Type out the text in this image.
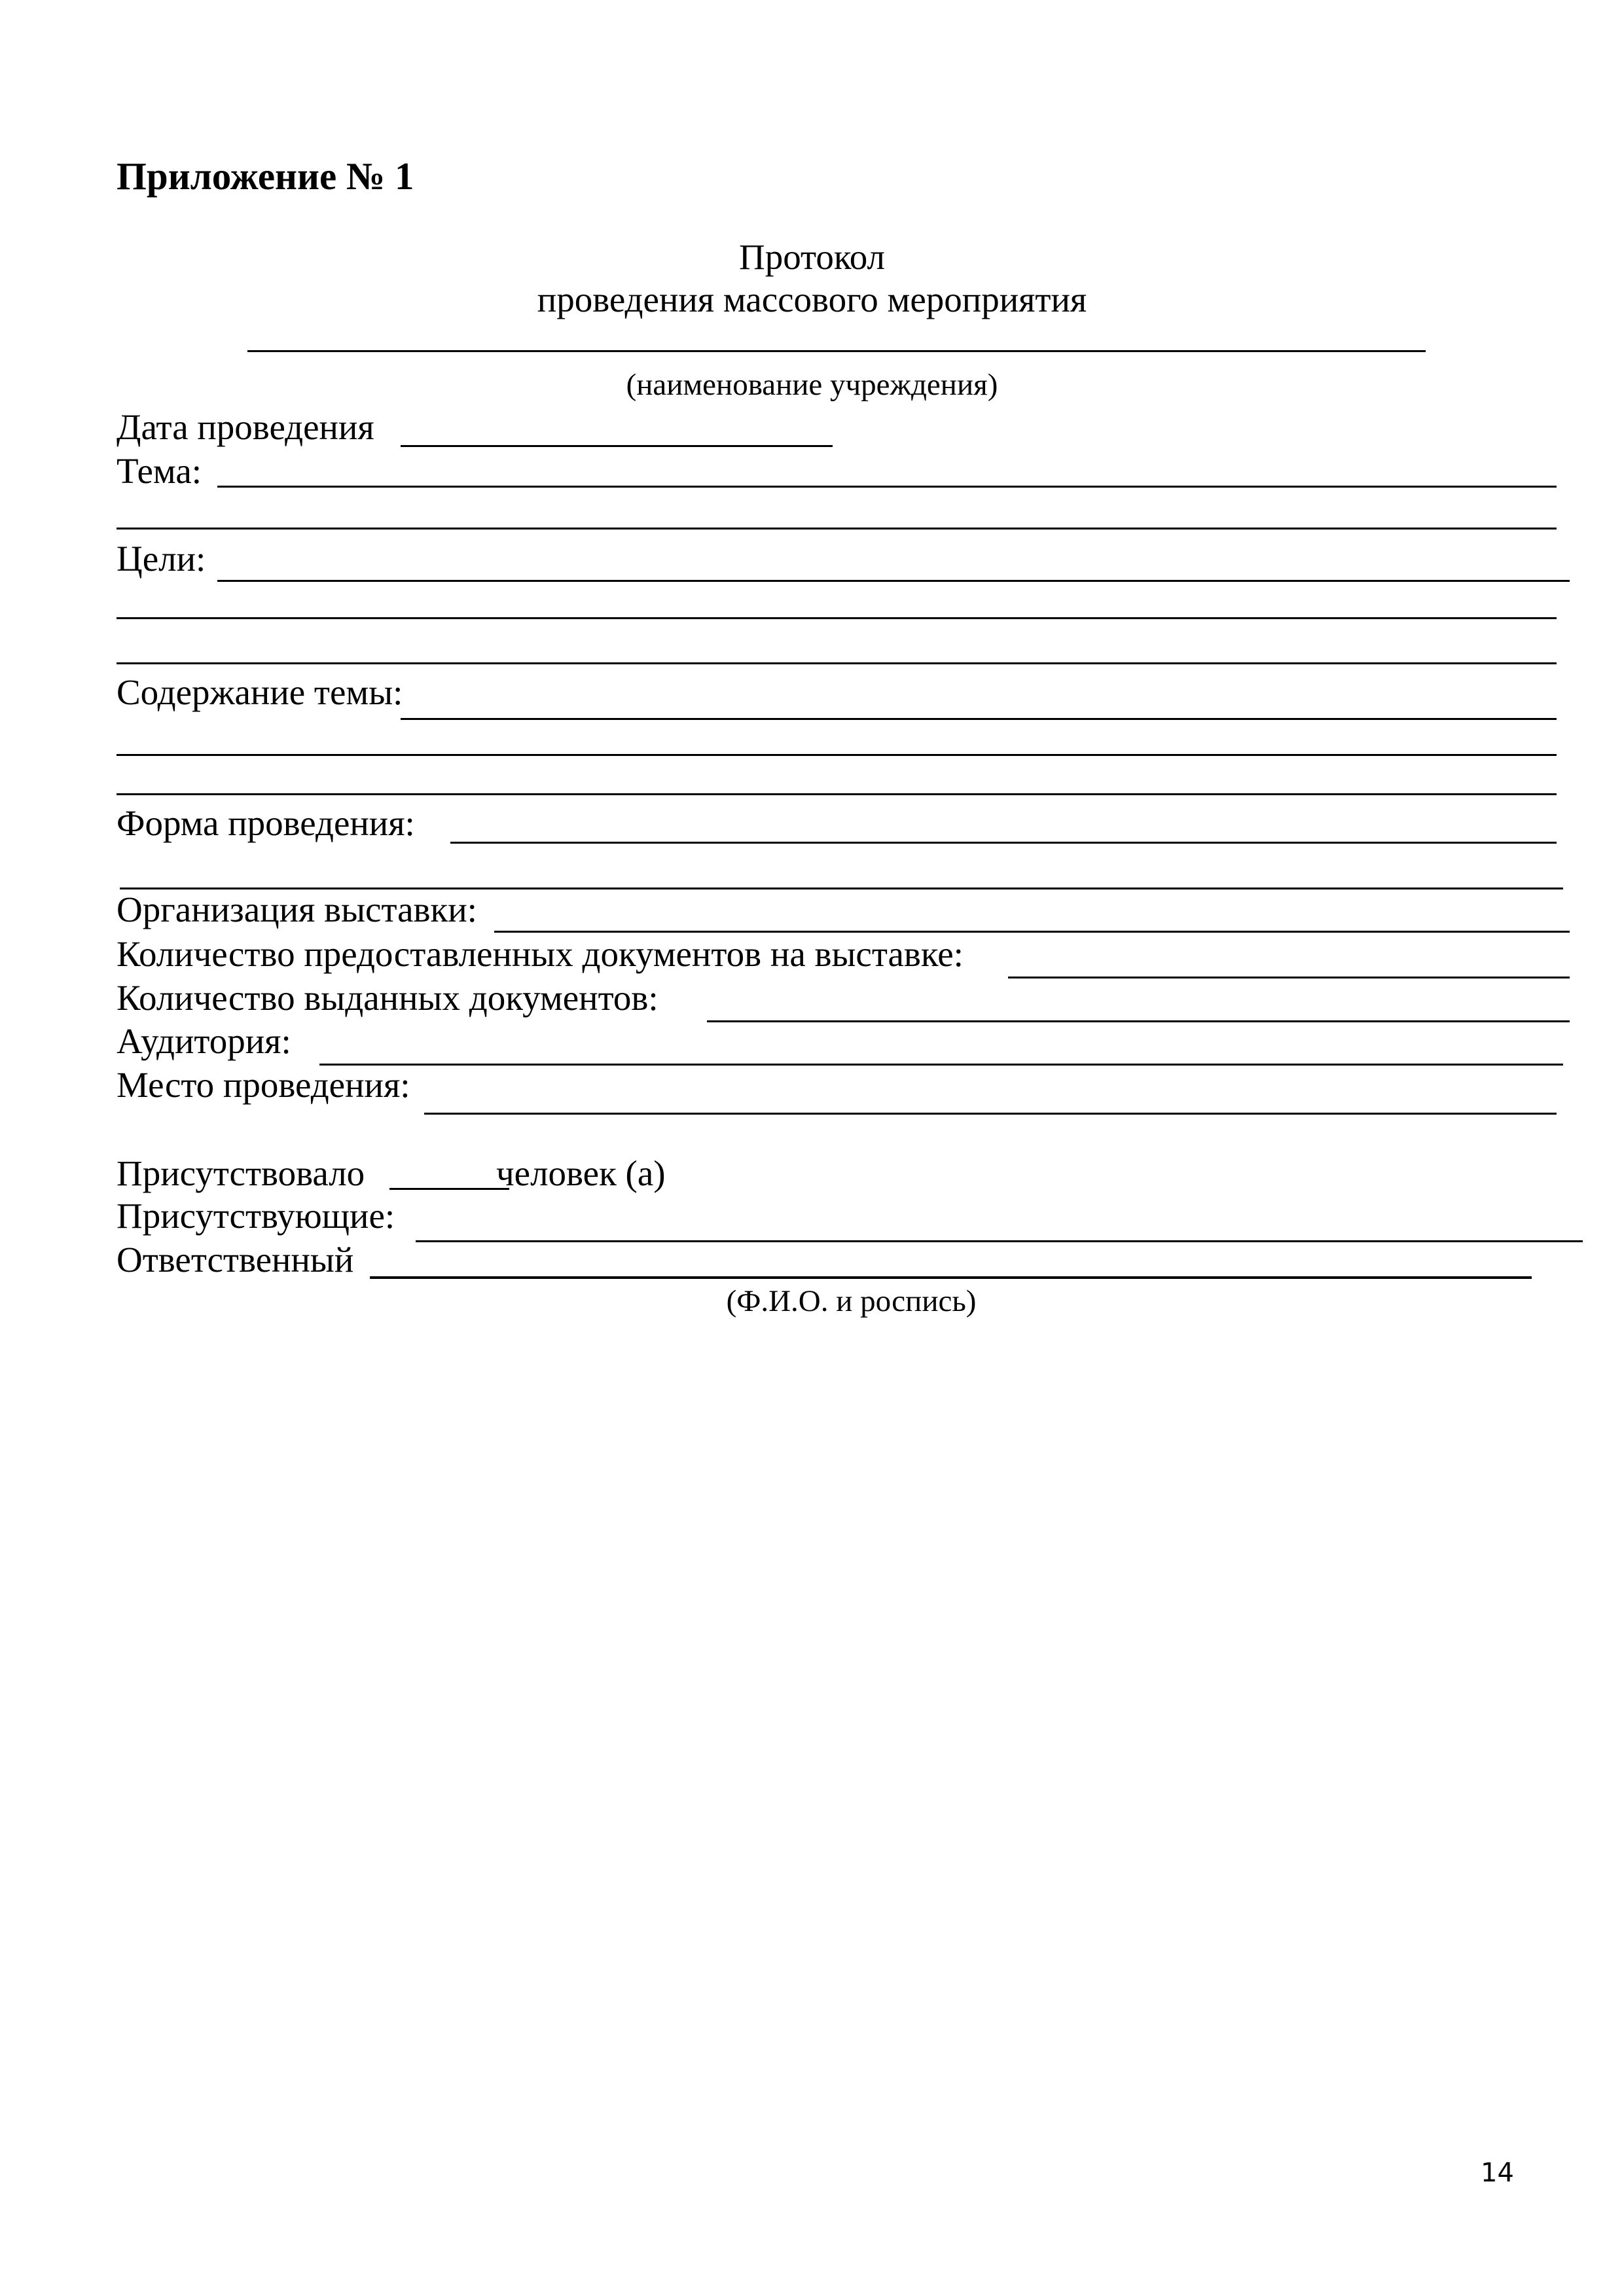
Приложение № 1
Протокол
проведения массового мероприятия
(наименование учреждения)
Дата проведения
Тема:
Цели:
Содержание темы:
Форма проведения:
Организация выставки:
Количество предоставленных документов на выставке:
Количество выданных документов:
Аудитория:
Место проведения:
Присутствовало	человек (а)
Присутствующие:
Ответственный
(Ф.И.О. и роспись)
14
